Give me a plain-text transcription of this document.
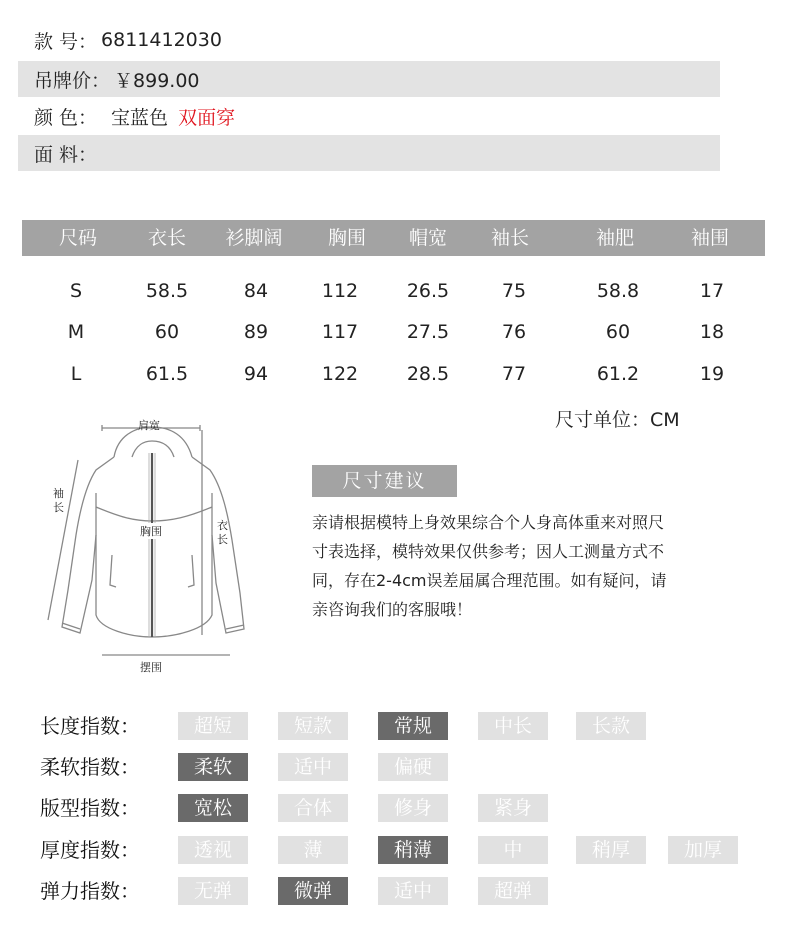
款 号： 6811412030
吊牌价： ￥899.00
颜 色： 宝蓝色 双面穿
面 料：
尺码	衣长 衫脚阔 胸围 帽宽 袖长	袖肥	袖围
S	58.5	84	112	26.5	75	58.8	17
M	60	89	117	27.5	76	60	18
L	61.5	94	122	28.5	77	61.2	19
尺寸单位：CM
肩宽
袖
长
胸围	衣
长
摆围
尺寸建议
亲请根据模特上身效果综合个人身高体重来对照尺
寸表选择，模特效果仅供参考；因人工测量方式不
同，存在2-4cm误差届属合理范围。如有疑问，请
亲咨询我们的客服哦！
长度指数：	超短	短款	常规	中长	长款
柔软指数：	柔软	适中	偏硬
版型指数：	宽松	合体	修身	紧身
厚度指数：	透视	薄	稍薄	中	稍厚	加厚
弹力指数：	无弹	微弹	适中	超弹
